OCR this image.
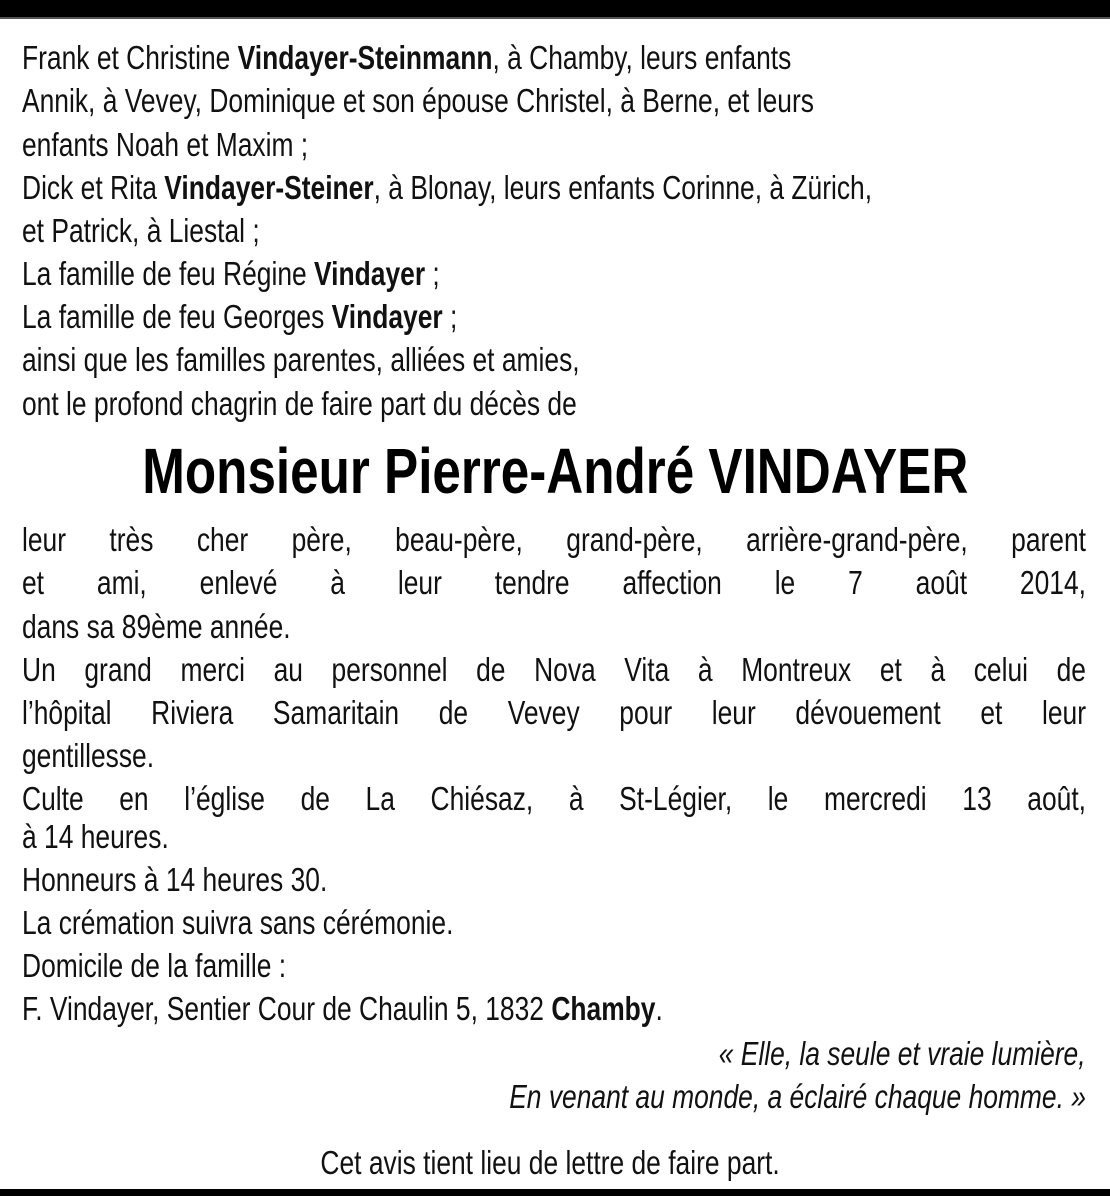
Frank et Christine Vindayer-Steinmann, à Chamby, leurs enfants
Annik, à Vevey, Dominique et son épouse Christel, à Berne, et leurs
enfants Noah et Maxim ;
Dick et Rita Vindayer-Steiner, à Blonay, leurs enfants Corinne, à Zürich,
et Patrick, à Liestal ;
La famille de feu Régine Vindayer ;
La famille de feu Georges Vindayer ;
ainsi que les familles parentes, alliées et amies,
ont le profond chagrin de faire part du décès de
Monsieur Pierre-André VINDAYER
leur très cher père, beau-père, grand-père, arrière-grand-père, parent
et ami, enlevé à leur tendre affection le 7 août 2014,
dans sa 89ème année.
Un grand merci au personnel de Nova Vita à Montreux et à celui de
l’hôpital Riviera Samaritain de Vevey pour leur dévouement et leur
gentillesse.
Culte en l’église de La Chiésaz, à St-Légier, le mercredi 13 août,
à 14 heures.
Honneurs à 14 heures 30.
La crémation suivra sans cérémonie.
Domicile de la famille :
F. Vindayer, Sentier Cour de Chaulin 5, 1832 Chamby.
« Elle, la seule et vraie lumière,
En venant au monde, a éclairé chaque homme. »
Cet avis tient lieu de lettre de faire part.
